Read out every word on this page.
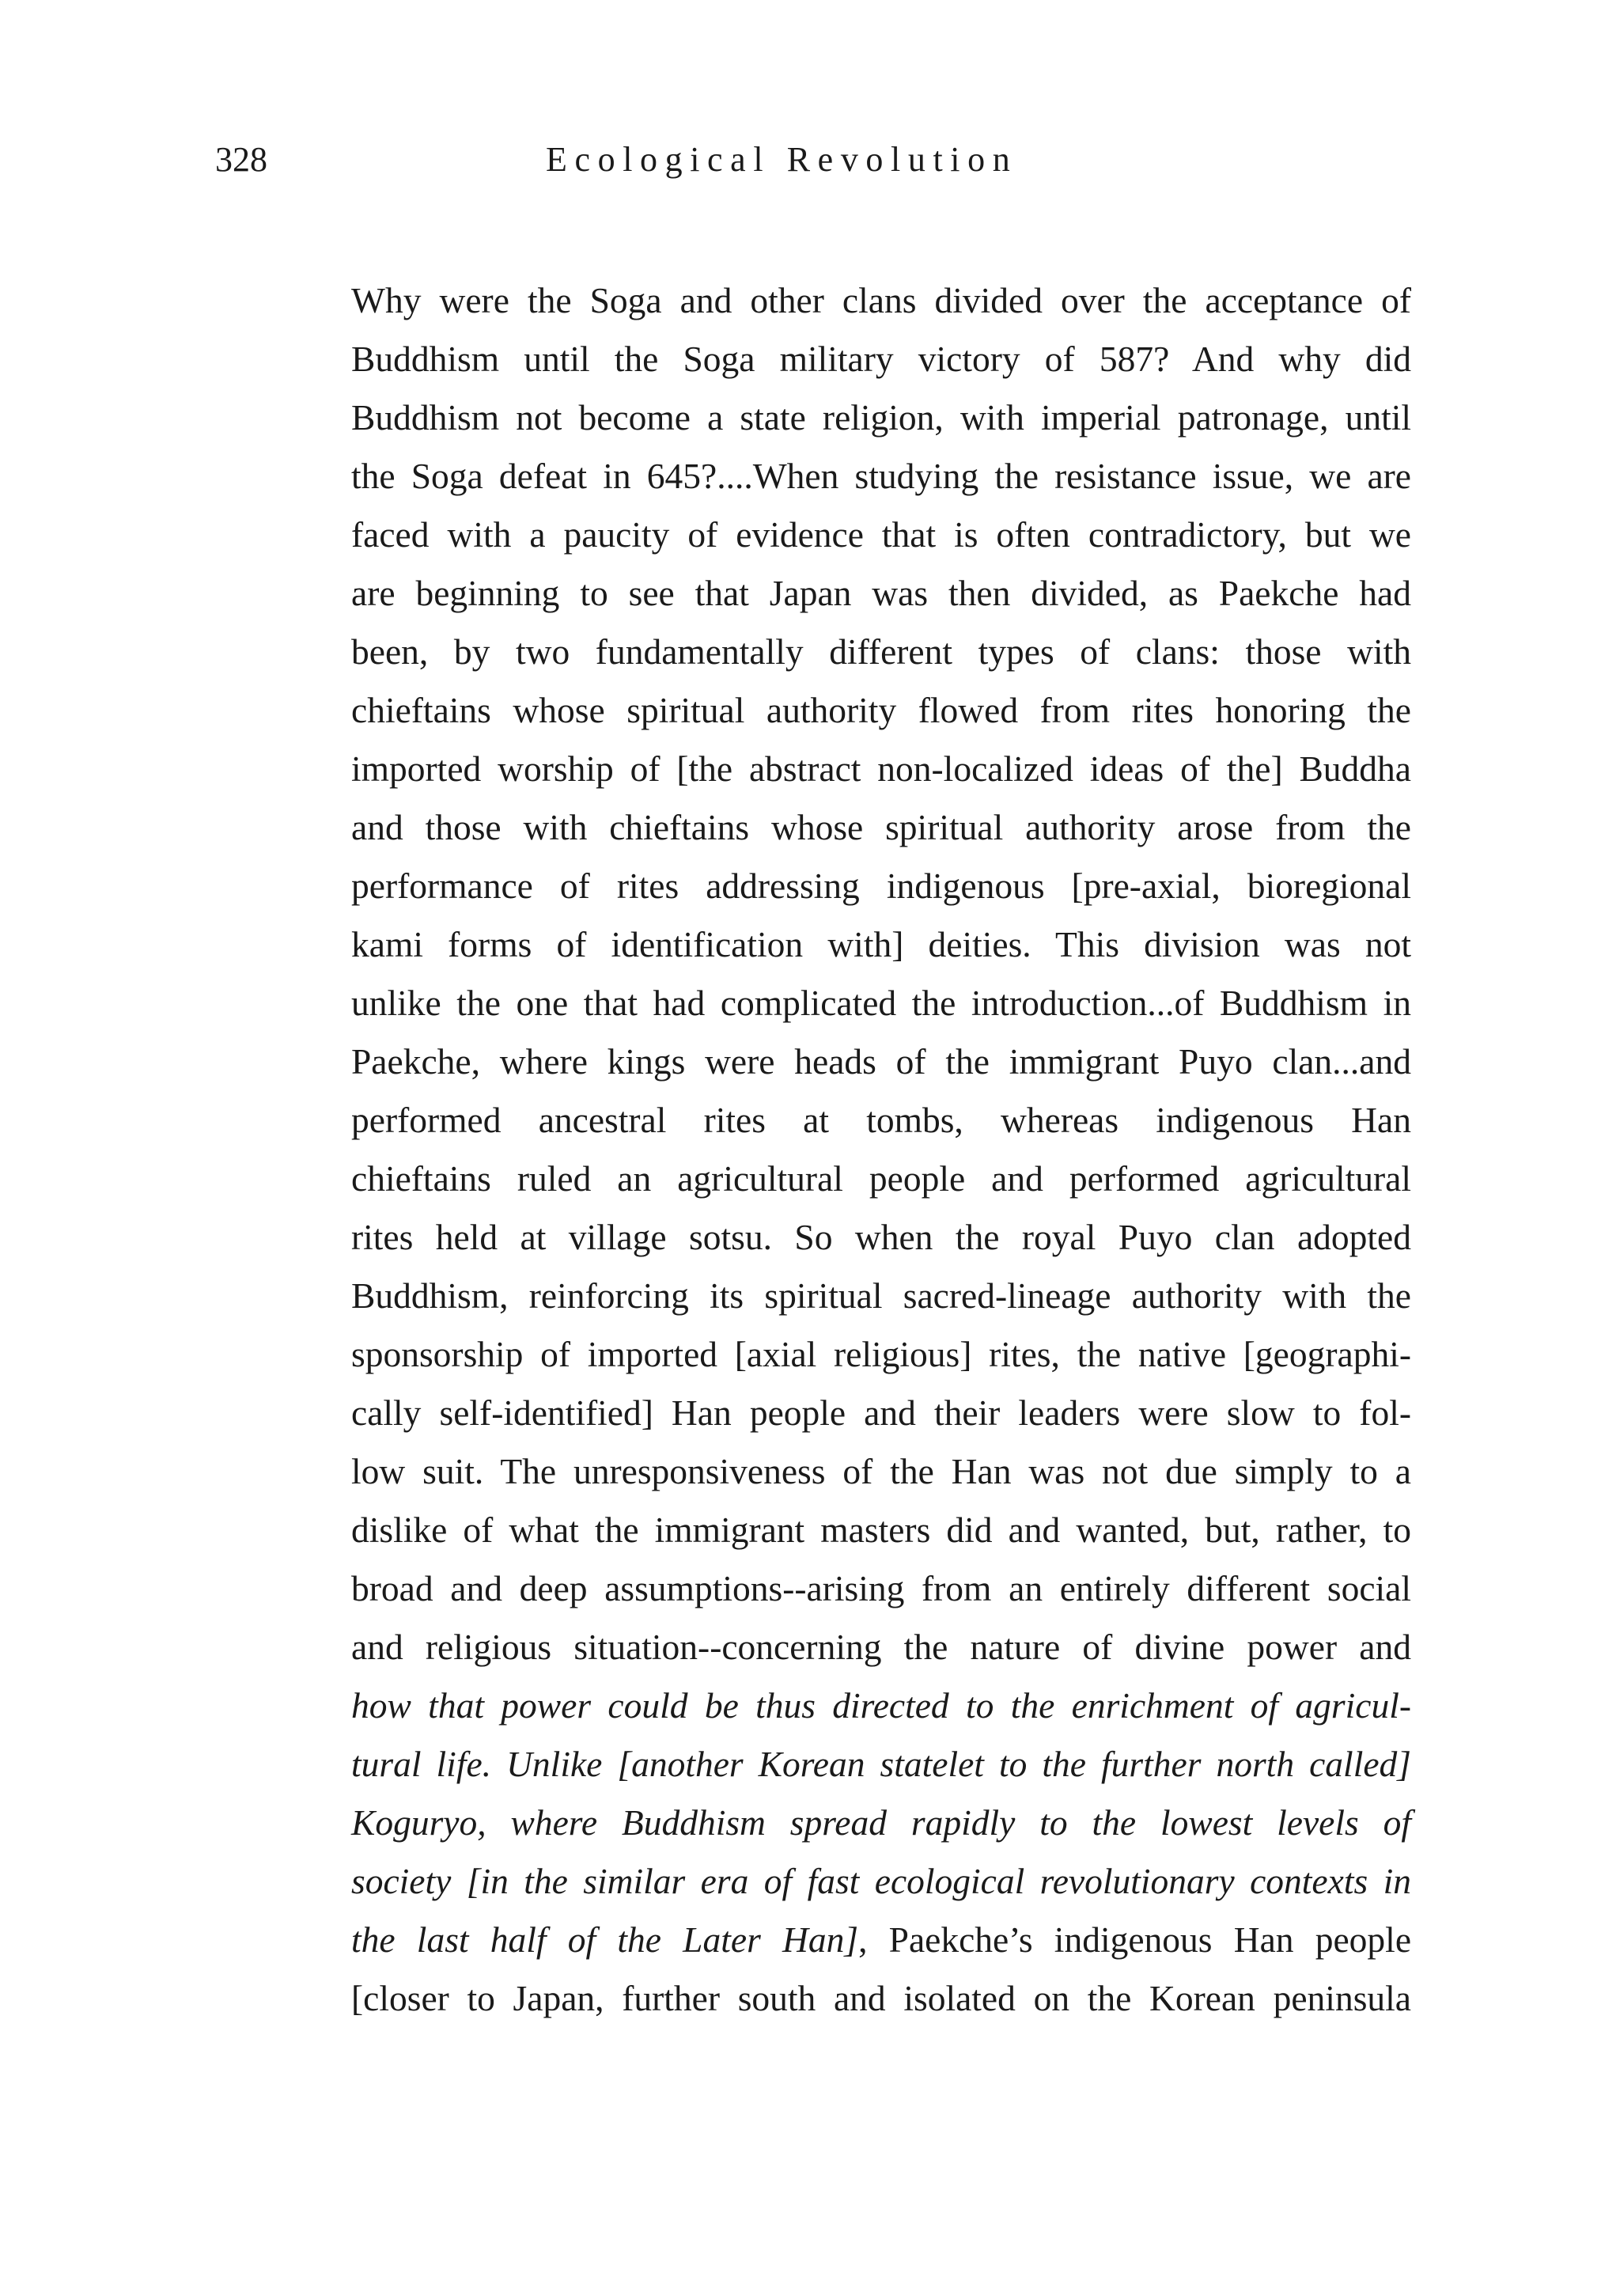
328	Ecological Revolution
Why were the Soga and other clans divided over the acceptance of
Buddhism until the Soga military victory of 587? And why did
Buddhism not become a state religion, with imperial patronage, until
the Soga defeat in 645?....When studying the resistance issue, we are
faced with a paucity of evidence that is often contradictory, but we
are beginning to see that Japan was then divided, as Paekche had
been, by two fundamentally different types of clans: those with
chieftains whose spiritual authority flowed from rites honoring the
imported worship of [the abstract non-localized ideas of the] Buddha
and those with chieftains whose spiritual authority arose from the
performance of rites addressing indigenous [pre-axial, bioregional
kami forms of identification with] deities. This division was not
unlike the one that had complicated the introduction...of Buddhism in
Paekche, where kings were heads of the immigrant Puyo clan...and
performed ancestral rites at tombs, whereas indigenous Han
chieftains ruled an agricultural people and performed agricultural
rites held at village sotsu. So when the royal Puyo clan adopted
Buddhism, reinforcing its spiritual sacred-lineage authority with the
sponsorship of imported [axial religious] rites, the native [geographi-
cally self-identified] Han people and their leaders were slow to fol-
low suit. The unresponsiveness of the Han was not due simply to a
dislike of what the immigrant masters did and wanted, but, rather, to
broad and deep assumptions--arising from an entirely different social
and religious situation--concerning the nature of divine power and
how that power could be thus directed to the enrichment of agricul-
tural life. Unlike [another Korean statelet to the further north called]
Koguryo, where Buddhism spread rapidly to the lowest levels of
society [in the similar era of fast ecological revolutionary contexts in
the last half of the Later Han], Paekche’s indigenous Han people
[closer to Japan, further south and isolated on the Korean peninsula
